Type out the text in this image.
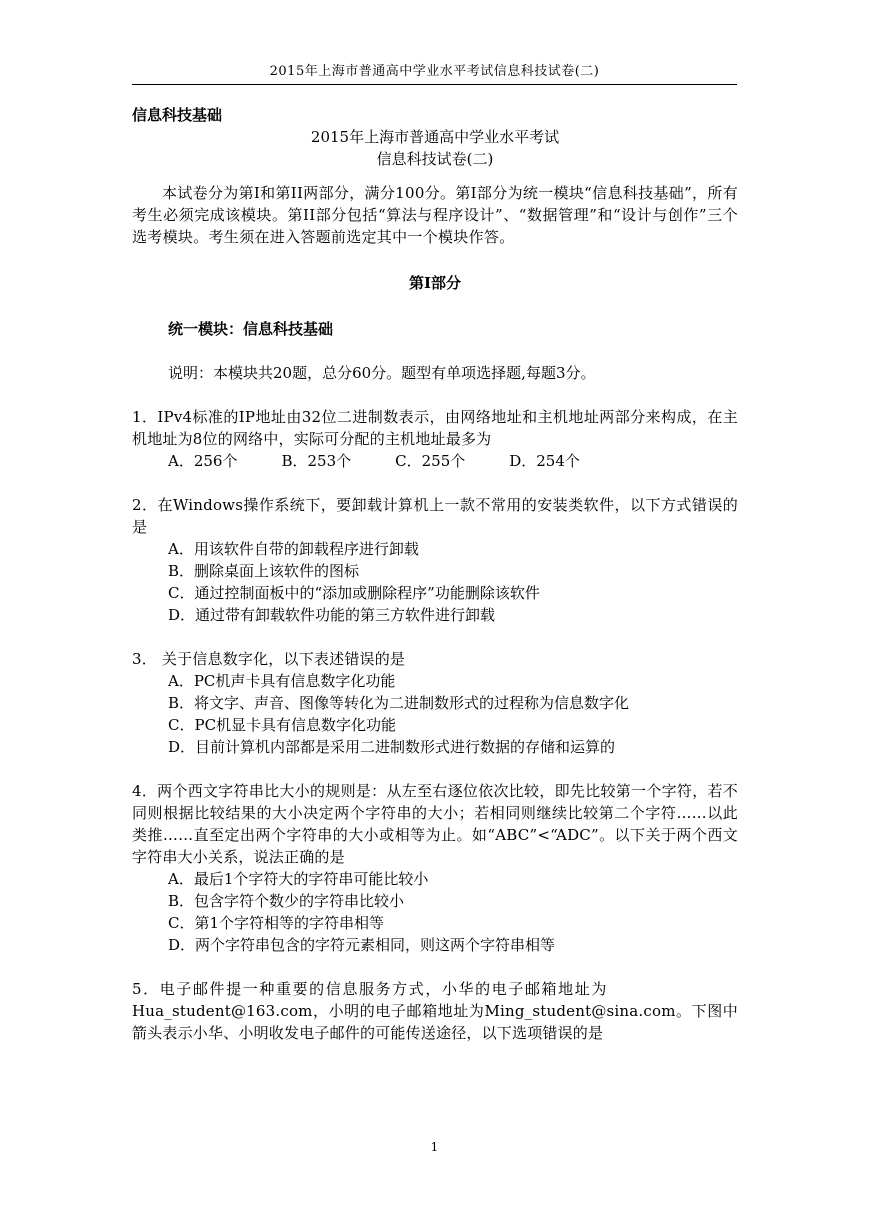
2015年上海市普通高中学业水平考试信息科技试卷(二)
信息科技基础
2015年上海市普通高中学业水平考试
信息科技试卷(二)
本试卷分为第I和第II两部分，满分100分。第I部分为统一模块“信息科技基础”，所有考生必须完成该模块。第II部分包括“算法与程序设计”、“数据管理”和“设计与创作”三个选考模块。考生须在进入答题前选定其中一个模块作答。
第I部分
统一模块：信息科技基础
说明：本模块共20题，总分60分。题型有单项选择题,每题3分。
1．IPv4标准的IP地址由32位二进制数表示，由网络地址和主机地址两部分来构成，在主机地址为8位的网络中，实际可分配的主机地址最多为
A．256个	B．253个	C．255个	D．254个
2．在Windows操作系统下，要卸载计算机上一款不常用的安装类软件，以下方式错误的是
A．用该软件自带的卸载程序进行卸载
B．删除桌面上该软件的图标
C．通过控制面板中的“添加或删除程序”功能删除该软件
D．通过带有卸载软件功能的第三方软件进行卸载
3． 关于信息数字化，以下表述错误的是
A．PC机声卡具有信息数字化功能
B．将文字、声音、图像等转化为二进制数形式的过程称为信息数字化
C．PC机显卡具有信息数字化功能
D．目前计算机内部都是采用二进制数形式进行数据的存储和运算的
4．两个西文字符串比大小的规则是：从左至右逐位依次比较，即先比较第一个字符，若不同则根据比较结果的大小决定两个字符串的大小；若相同则继续比较第二个字符……以此类推……直至定出两个字符串的大小或相等为止。如“ABC”<“ADC”。以下关于两个西文字符串大小关系，说法正确的是
A．最后1个字符大的字符串可能比较小
B．包含字符个数少的字符串比较小
C．第1个字符相等的字符串相等
D．两个字符串包含的字符元素相同，则这两个字符串相等
5．电子邮件提一种重要的信息服务方式，小华的电子邮箱地址为
Hua_student@163.com，小明的电子邮箱地址为Ming_student@sina.com。下图中箭头表示小华、小明收发电子邮件的可能传送途径，以下选项错误的是
1
